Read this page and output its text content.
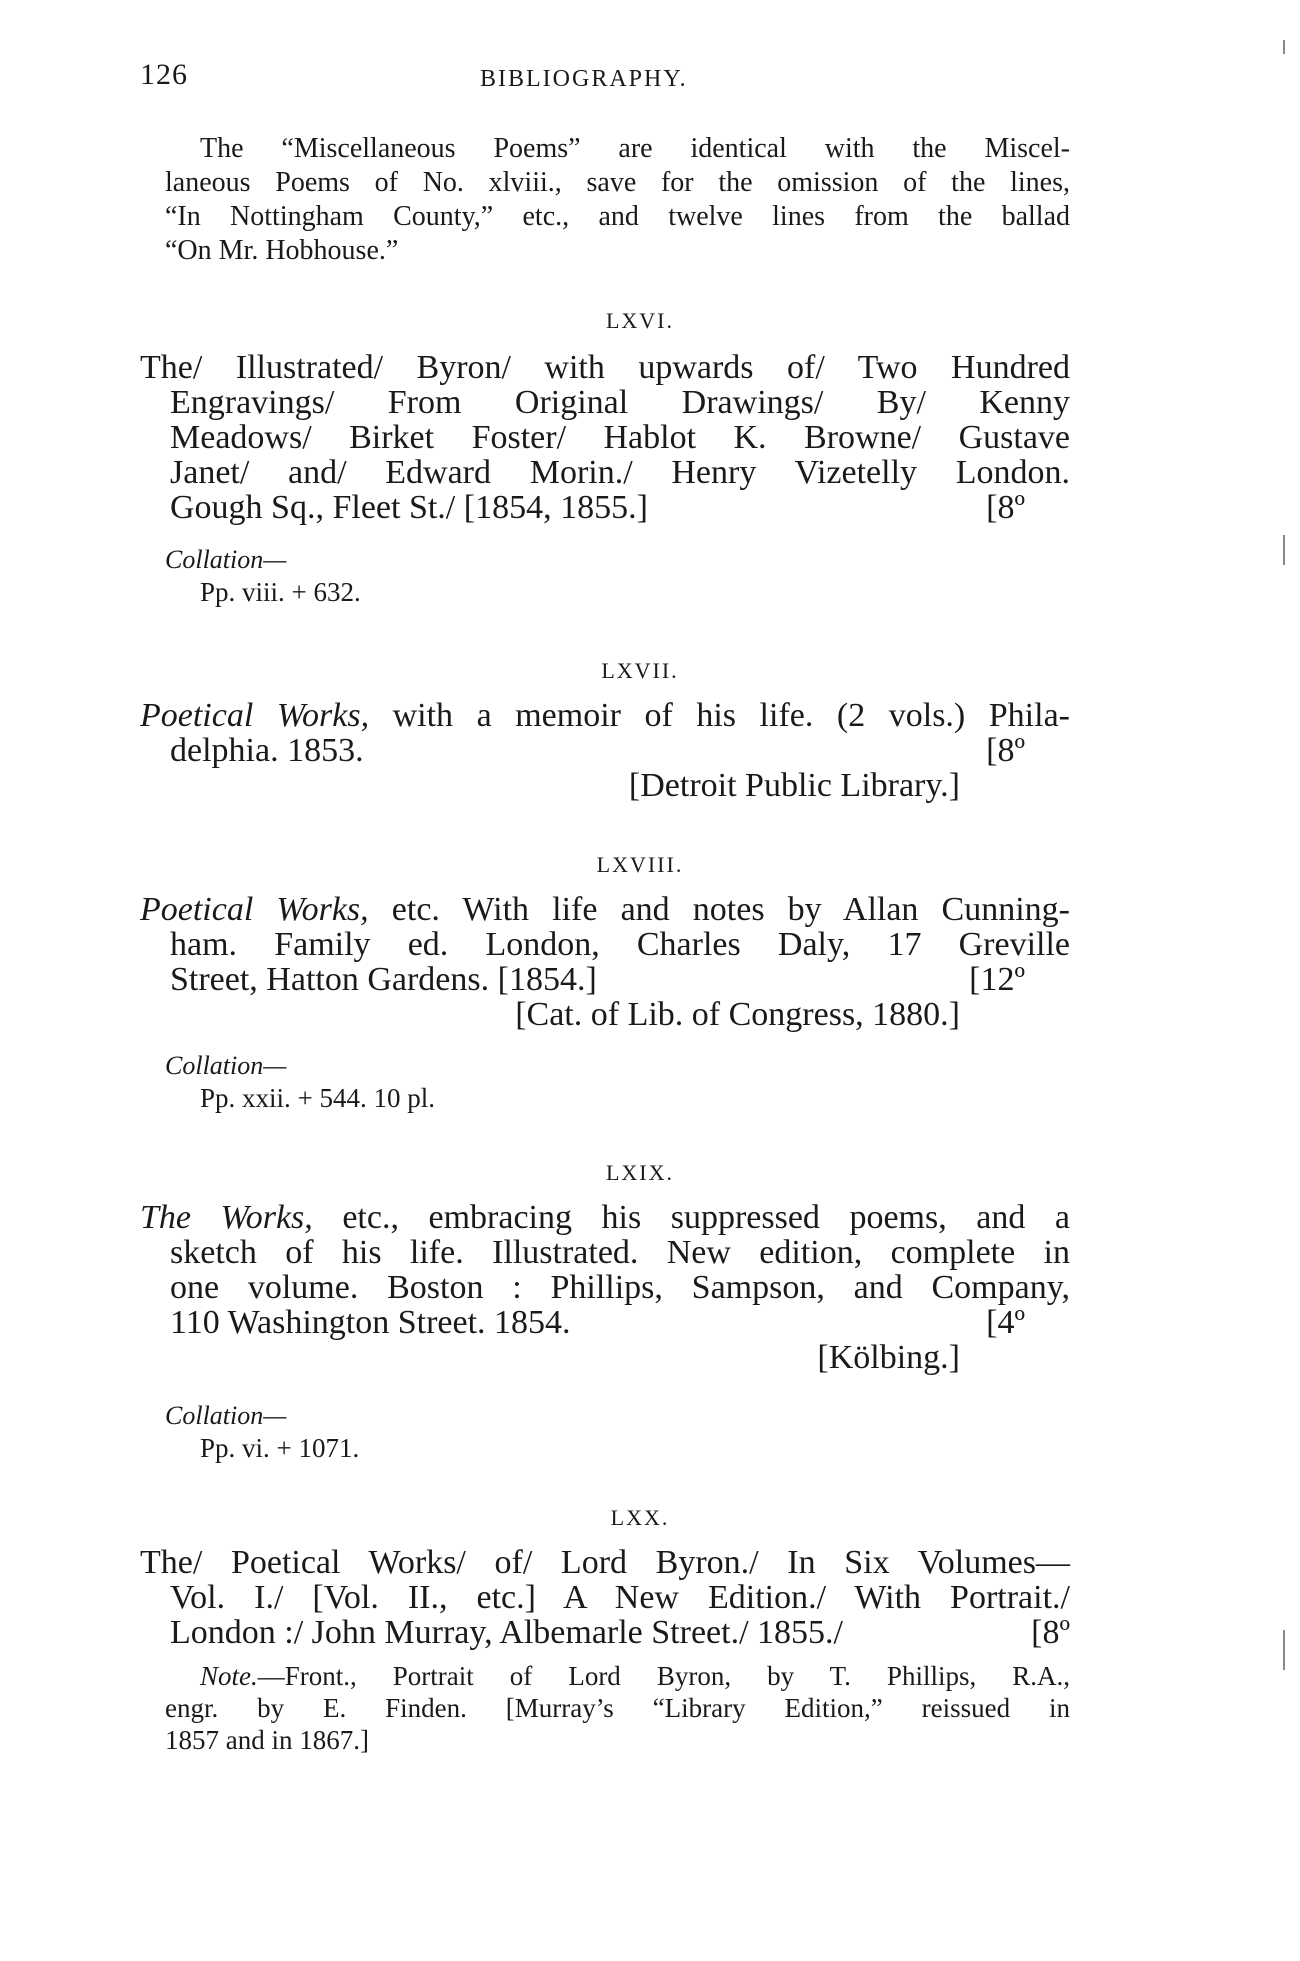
126	BIBLIOGRAPHY.

The “Miscellaneous Poems” are identical with the Miscel-
laneous Poems of No. xlviii., save for the omission of the lines,
“In Nottingham County,” etc., and twelve lines from the ballad
“On Mr. Hobhouse.”

LXVI.
The/ Illustrated/ Byron/ with upwards of/ Two Hundred
Engravings/ From Original Drawings/ By/ Kenny
Meadows/ Birket Foster/ Hablot K. Browne/ Gustave
Janet/ and/ Edward Morin./ Henry Vizetelly London.
Gough Sq., Fleet St./ [1854, 1855.]	[8º
Collation—
Pp. viii. + 632.
LXVII.
Poetical Works, with a memoir of his life. (2 vols.) Phila-
delphia. 1853.	[8º
[Detroit Public Library.]
LXVIII.
Poetical Works, etc. With life and notes by Allan Cunning-
ham. Family ed. London, Charles Daly, 17 Greville
Street, Hatton Gardens. [1854.]	[12º
[Cat. of Lib. of Congress, 1880.]
Collation—
Pp. xxii. + 544. 10 pl.
LXIX.
The Works, etc., embracing his suppressed poems, and a
sketch of his life. Illustrated. New edition, complete in
one volume. Boston : Phillips, Sampson, and Company,
110 Washington Street. 1854.	[4º
[Kölbing.]
Collation—
Pp. vi. + 1071.
LXX.
The/ Poetical Works/ of/ Lord Byron./ In Six Volumes—
Vol. I./ [Vol. II., etc.] A New Edition./ With Portrait./
London :/ John Murray, Albemarle Street./ 1855./	[8º
Note.—Front., Portrait of Lord Byron, by T. Phillips, R.A.,
engr. by E. Finden. [Murray’s “Library Edition,” reissued in
1857 and in 1867.]
